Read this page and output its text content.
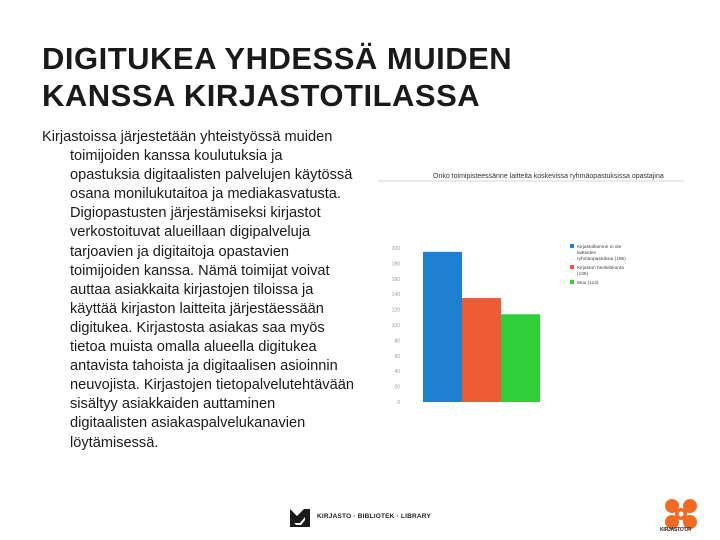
DIGITUKEA YHDESSÄ MUIDEN
KANSSA KIRJASTOTILASSA

Kirjastoissa järjestetään yhteistyössä muiden toimijoiden kanssa koulutuksia ja opastuksia digitaalisten palvelujen käytössä osana monilukutaitoa ja mediakasvatusta. Digiopastusten järjestämiseksi kirjastot verkostoituvat alueillaan digipalveluja tarjoavien ja digitaitoja opastavien toimijoiden kanssa. Nämä toimijat voivat auttaa asiakkaita kirjastojen tiloissa ja käyttää kirjaston laitteita järjestäessään digitukea. Kirjastosta asiakas saa myös tietoa muista omalla alueella digitukea antavista tahoista ja digitaalisen asioinnin neuvojista. Kirjastojen tietopalvelutehtävään sisältyy asiakkaiden auttaminen digitaalisten asiakaspalvelukanavien löytämisessä.

Onko toimipisteessänne laitteita koskevissa ryhmäopastuksissa opastajina
0
20
40
60
80
100
120
140
160
180
200	Kirjastollamme ei ole laitteiden ryhmäopastuksia (195)
Kirjaston henkilökunta (135)
Muu (114)
KIRJASTO · BIBLIOTEK · LIBRARY
KIRJASTOT.FI
